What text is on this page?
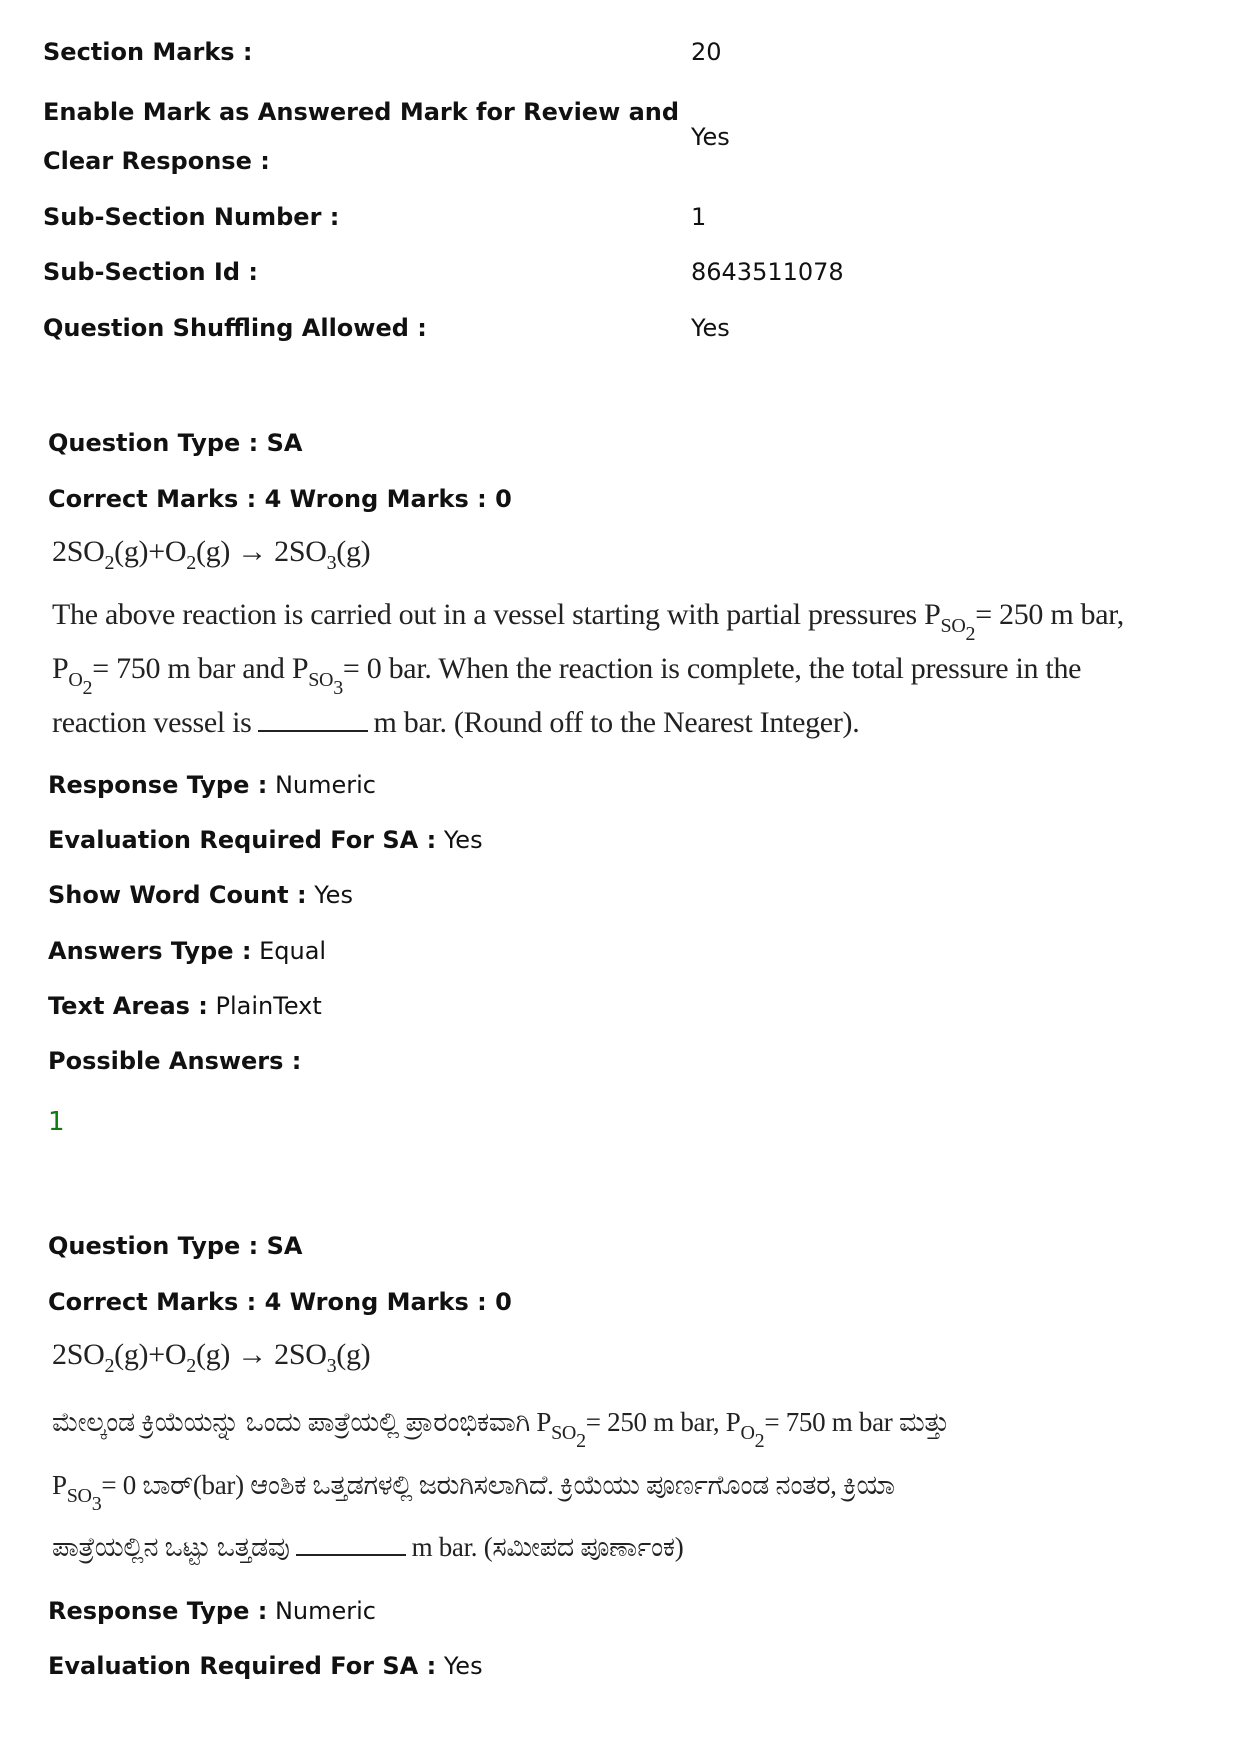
Section Marks :	20
Enable Mark as Answered Mark for Review and
Clear Response :
Yes
Sub-Section Number :	1
Sub-Section Id :	8643511078
Question Shuffling Allowed :	Yes
Question Type : SA
Correct Marks : 4 Wrong Marks : 0
$2SO_2(g)+O_2(g) \to 2SO_3(g)$
The above reaction is carried out in a vessel starting with partial pressures $P_{SO_2}= 250$ m bar,
$P_{O_2}= 750$ m bar and $P_{SO_3}= 0$ bar. When the reaction is complete, the total pressure in the
reaction vessel is	m bar. (Round off to the Nearest Integer).
Response Type : Numeric
Evaluation Required For SA : Yes
Show Word Count : Yes
Answers Type : Equal
Text Areas : PlainText
Possible Answers :
1
Question Type : SA
Correct Marks : 4 Wrong Marks : 0
$2SO_2(g)+O_2(g) \to 2SO_3(g)$
ಮೇಲ್ಕಂಡ ಕ್ರಿಯೆಯನ್ನು ಒಂದು ಪಾತ್ರೆಯಲ್ಲಿ ಪ್ರಾರಂಭಿಕವಾಗಿ $P_{SO_2}= 250$ m bar, $P_{O_2}= 750$ m bar ಮತ್ತು
$P_{SO_3}= 0$ ಬಾರ್(bar) ಆಂಶಿಕ ಒತ್ತಡಗಳಲ್ಲಿ ಜರುಗಿಸಲಾಗಿದೆ. ಕ್ರಿಯೆಯು ಪೂರ್ಣಗೊಂಡ ನಂತರ, ಕ್ರಿಯಾ
ಪಾತ್ರೆಯಲ್ಲಿನ ಒಟ್ಟು ಒತ್ತಡವು	m bar. (ಸಮೀಪದ ಪೂರ್ಣಾಂಕ)
Response Type : Numeric
Evaluation Required For SA : Yes
